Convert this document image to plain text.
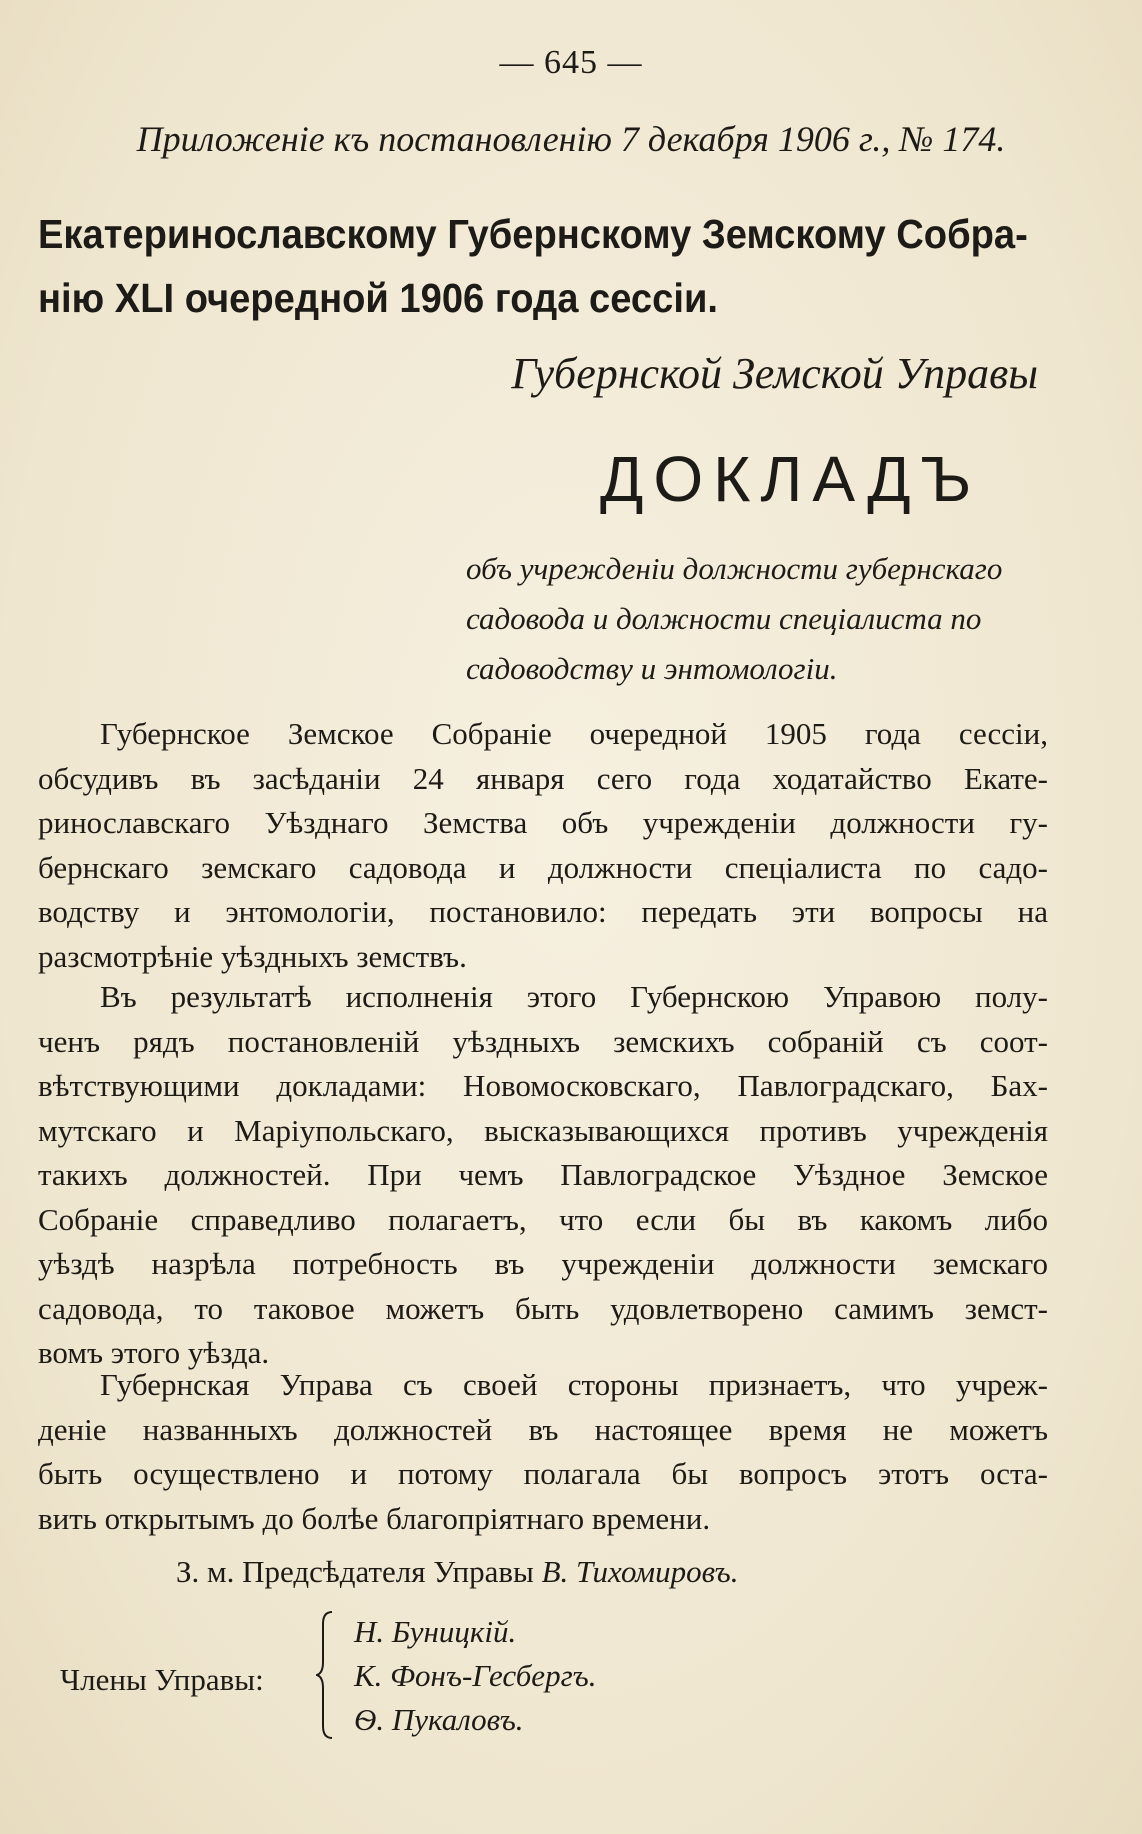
— 645 —
Приложеніе къ постановленію 7 декабря 1906 г., № 174.
Екатеринославскому Губернскому Земскому Собра-
нію XLI очередной 1906 года сессіи.
Губернской Земской Управы
ДОКЛАДЪ
объ учрежденіи должности губернскаго
садовода и должности спеціалиста по
садоводству и энтомологіи.
Губернское Земское Собраніе очередной 1905 года сессіи,
обсудивъ въ засѣданіи 24 января сего года ходатайство Екате-
ринославскаго Уѣзднаго Земства объ учрежденіи должности гу-
бернскаго земскаго садовода и должности спеціалиста по садо-
водству и энтомологіи, постановило: передать эти вопросы на
разсмотрѣніе уѣздныхъ земствъ.
Въ результатѣ исполненія этого Губернскою Управою полу-
ченъ рядъ постановленій уѣздныхъ земскихъ собраній съ соот-
вѣтствующими докладами: Новомосковскаго, Павлоградскаго, Бах-
мутскаго и Маріупольскаго, высказывающихся противъ учрежденія
такихъ должностей. При чемъ Павлоградское Уѣздное Земское
Собраніе справедливо полагаетъ, что если бы въ какомъ либо
уѣздѣ назрѣла потребность въ учрежденіи должности земскаго
садовода, то таковое можетъ быть удовлетворено самимъ земст-
вомъ этого уѣзда.
Губернская Управа съ своей стороны признаетъ, что учреж-
деніе названныхъ должностей въ настоящее время не можетъ
быть осуществлено и потому полагала бы вопросъ этотъ оста-
вить открытымъ до болѣе благопріятнаго времени.
З. м. Предсѣдателя Управы В. Тихомировъ.
Члены Управы:
Н. Буницкій.
К. Фонъ-Гесбергъ.
Ѳ. Пукаловъ.
